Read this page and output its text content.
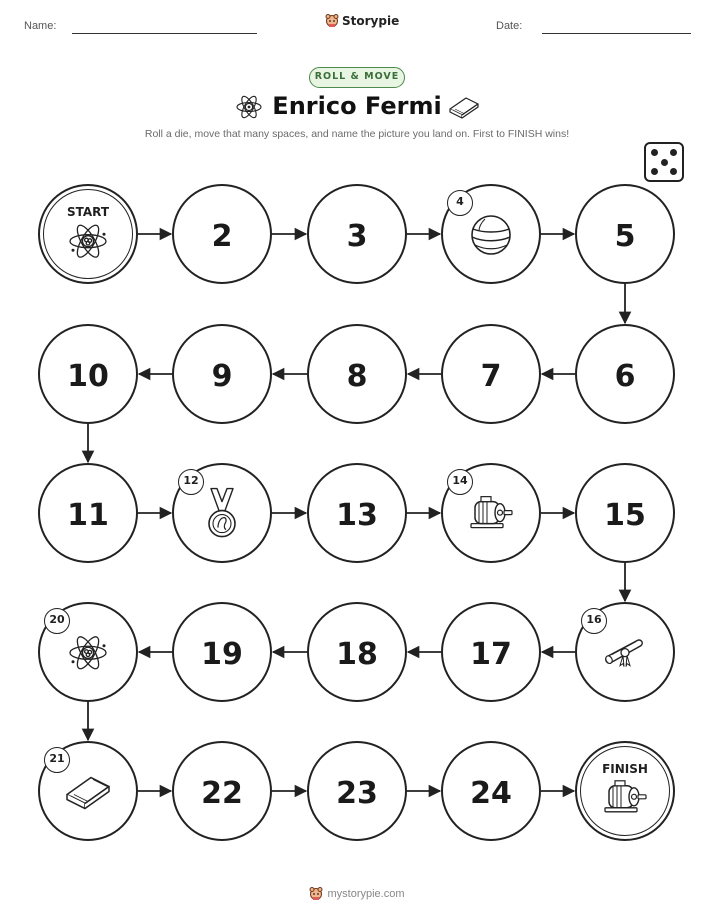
Name:	Storypie	Date:
ROLL & MOVE
Enrico Fermi
Roll a die, move that many spaces, and name the picture you land on. First to FINISH wins!
START
2	3
4
5
6
7
8
9
10
11
12
13
14
15
16
17
18
19
20
21
22	23	24
FINISH
mystorypie.com
